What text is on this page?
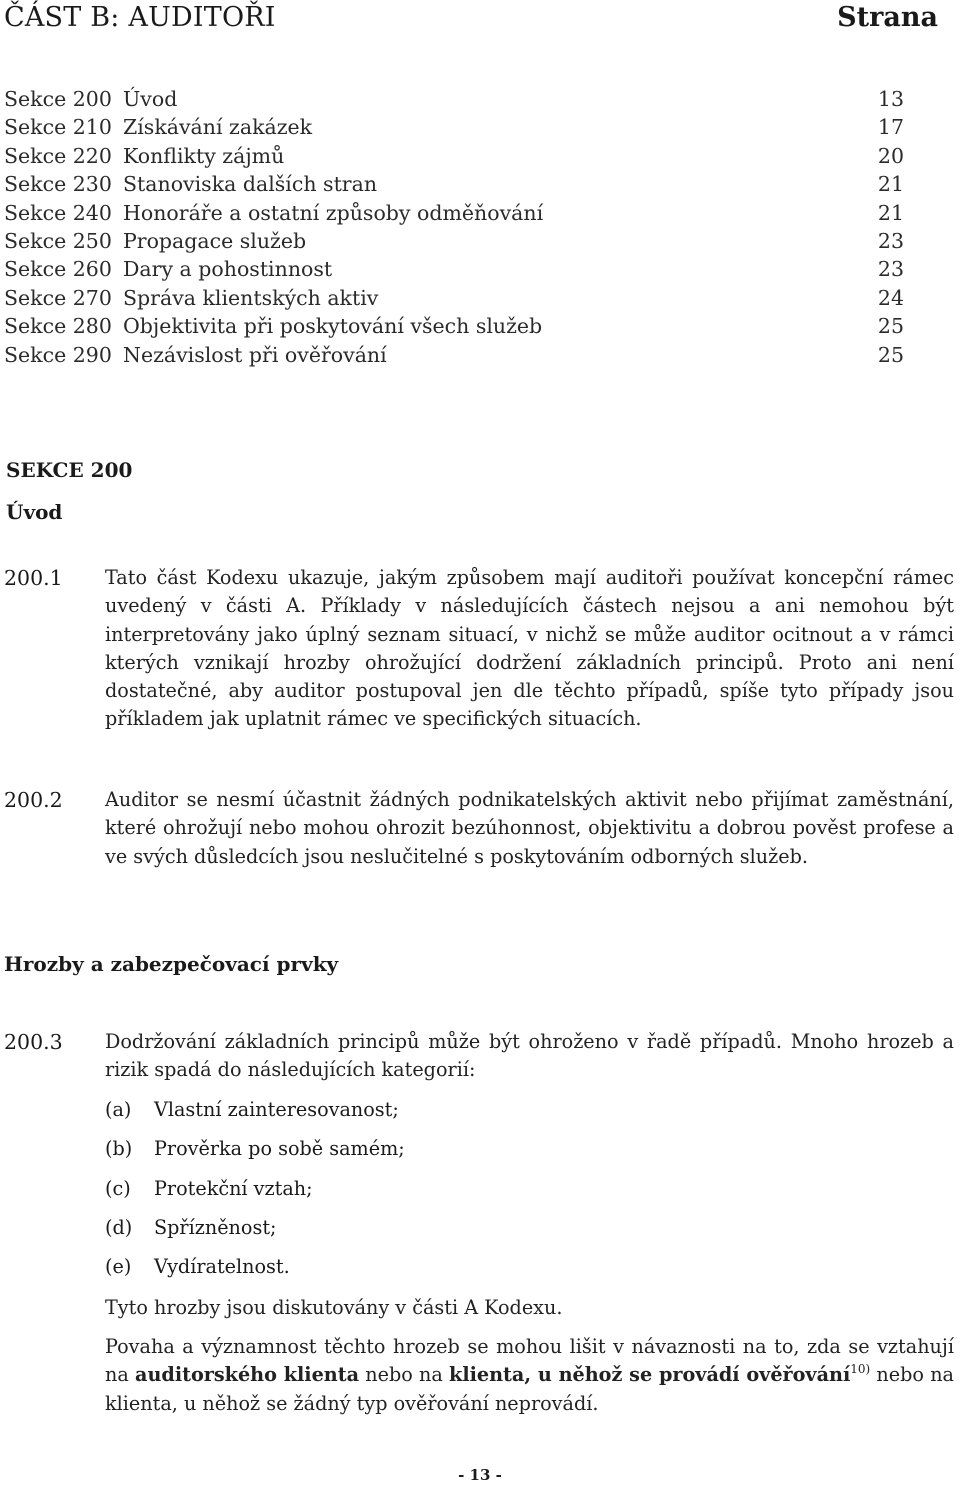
ČÁST B: AUDITOŘI	Strana
Sekce 200 Úvod	13
Sekce 210 Získávání zakázek	17
Sekce 220 Konflikty zájmů	20
Sekce 230 Stanoviska dalších stran	21
Sekce 240 Honoráře a ostatní způsoby odměňování	21
Sekce 250 Propagace služeb	23
Sekce 260 Dary a pohostinnost	23
Sekce 270 Správa klientských aktiv	24
Sekce 280 Objektivita při poskytování všech služeb	25
Sekce 290 Nezávislost při ověřování	25
SEKCE 200
Úvod
200.1 Tato část Kodexu ukazuje, jakým způsobem mají auditoři používat koncepční rámec uvedený v části A. Příklady v následujících částech nejsou a ani nemohou být interpretovány jako úplný seznam situací, v nichž se může auditor ocitnout a v rámci kterých vznikají hrozby ohrožující dodržení základních principů. Proto ani není dostatečné, aby auditor postupoval jen dle těchto případů, spíše tyto případy jsou příkladem jak uplatnit rámec ve specifických situacích.
200.2 Auditor se nesmí účastnit žádných podnikatelských aktivit nebo přijímat zaměstnání, které ohrožují nebo mohou ohrozit bezúhonnost, objektivitu a dobrou pověst profese a ve svých důsledcích jsou neslučitelné s poskytováním odborných služeb.
Hrozby a zabezpečovací prvky
200.3 Dodržování základních principů může být ohroženo v řadě případů. Mnoho hrozeb a rizik spadá do následujících kategorií:
(a) Vlastní zainteresovanost;
(b) Prověrka po sobě samém;
(c) Protekční vztah;
(d) Spřízněnost;
(e) Vydíratelnost.
Tyto hrozby jsou diskutovány v části A Kodexu.
Povaha a významnost těchto hrozeb se mohou lišit v návaznosti na to, zda se vztahují na auditorského klienta nebo na klienta, u něhož se provádí ověřování$^{10)}$ nebo na klienta, u něhož se žádný typ ověřování neprovádí.
- 13 -
